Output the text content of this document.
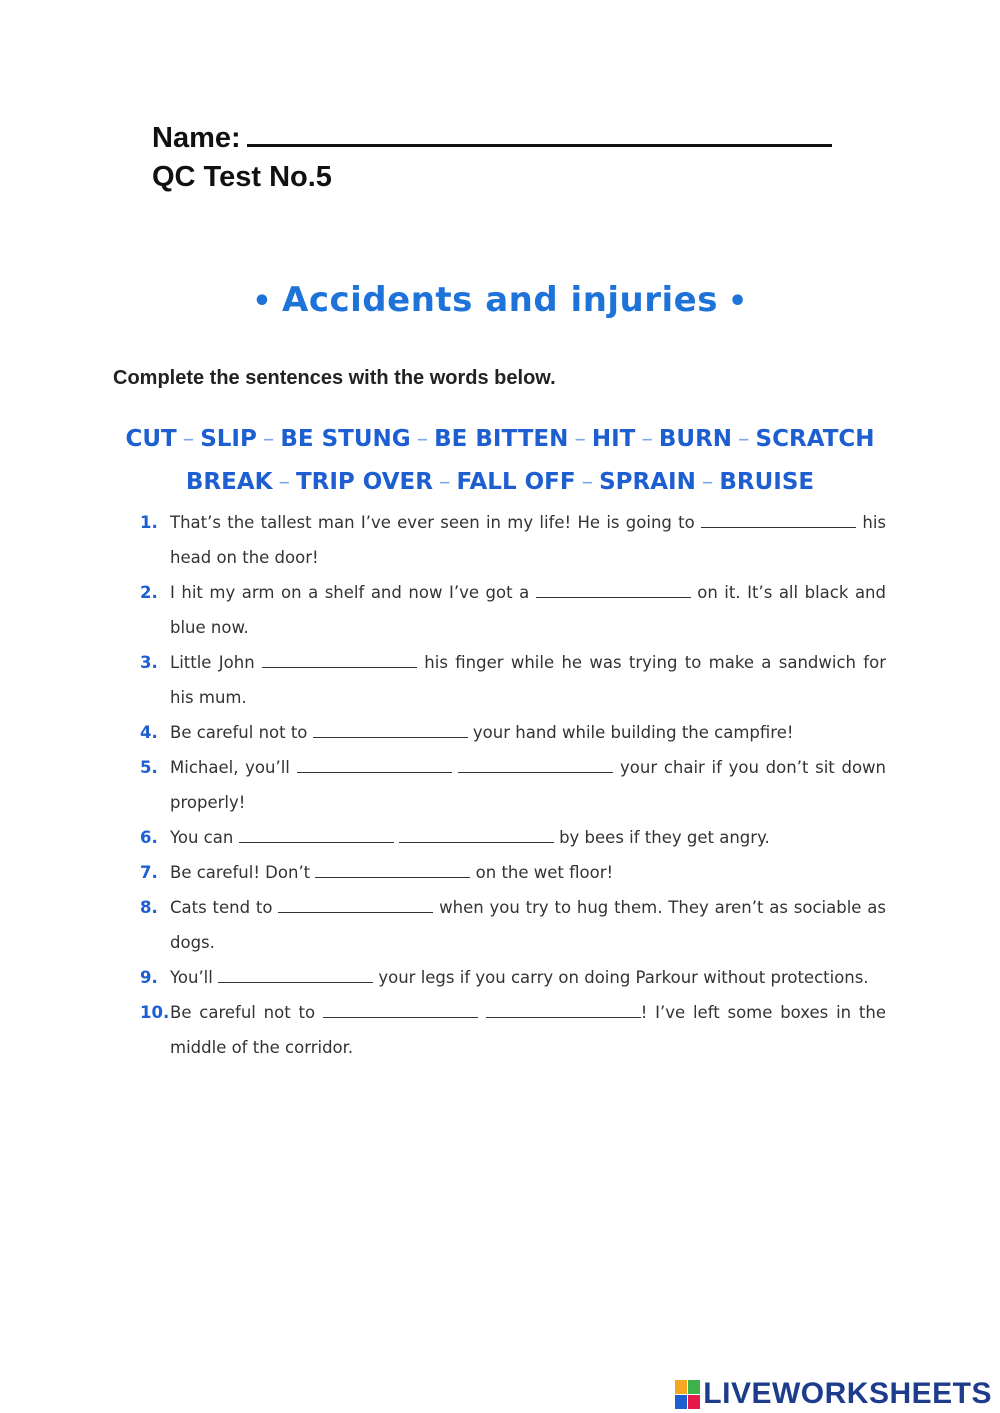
Name:
QC Test No.5
• Accidents and injuries •
Complete the sentences with the words below.
CUT – SLIP – BE STUNG – BE BITTEN – HIT – BURN – SCRATCH
BREAK – TRIP OVER – FALL OFF – SPRAIN – BRUISE
1. That’s the tallest man I’ve ever seen in my life! He is going to	his head on the door!
2. I hit my arm on a shelf and now I’ve got a	on it. It’s all black and blue now.
3. Little John	his finger while he was trying to make a sandwich for his mum.
4. Be careful not to	your hand while building the campfire!
5. Michael, you’ll	your chair if you don’t sit down properly!
6. You can	by bees if they get angry.
7. Be careful! Don’t	on the wet floor!
8. Cats tend to	when you try to hug them. They aren’t as sociable as dogs.
9. You’ll	your legs if you carry on doing Parkour without protections.
10. Be careful not to	! I’ve left some boxes in the middle of the corridor.
LIVEWORKSHEETS
